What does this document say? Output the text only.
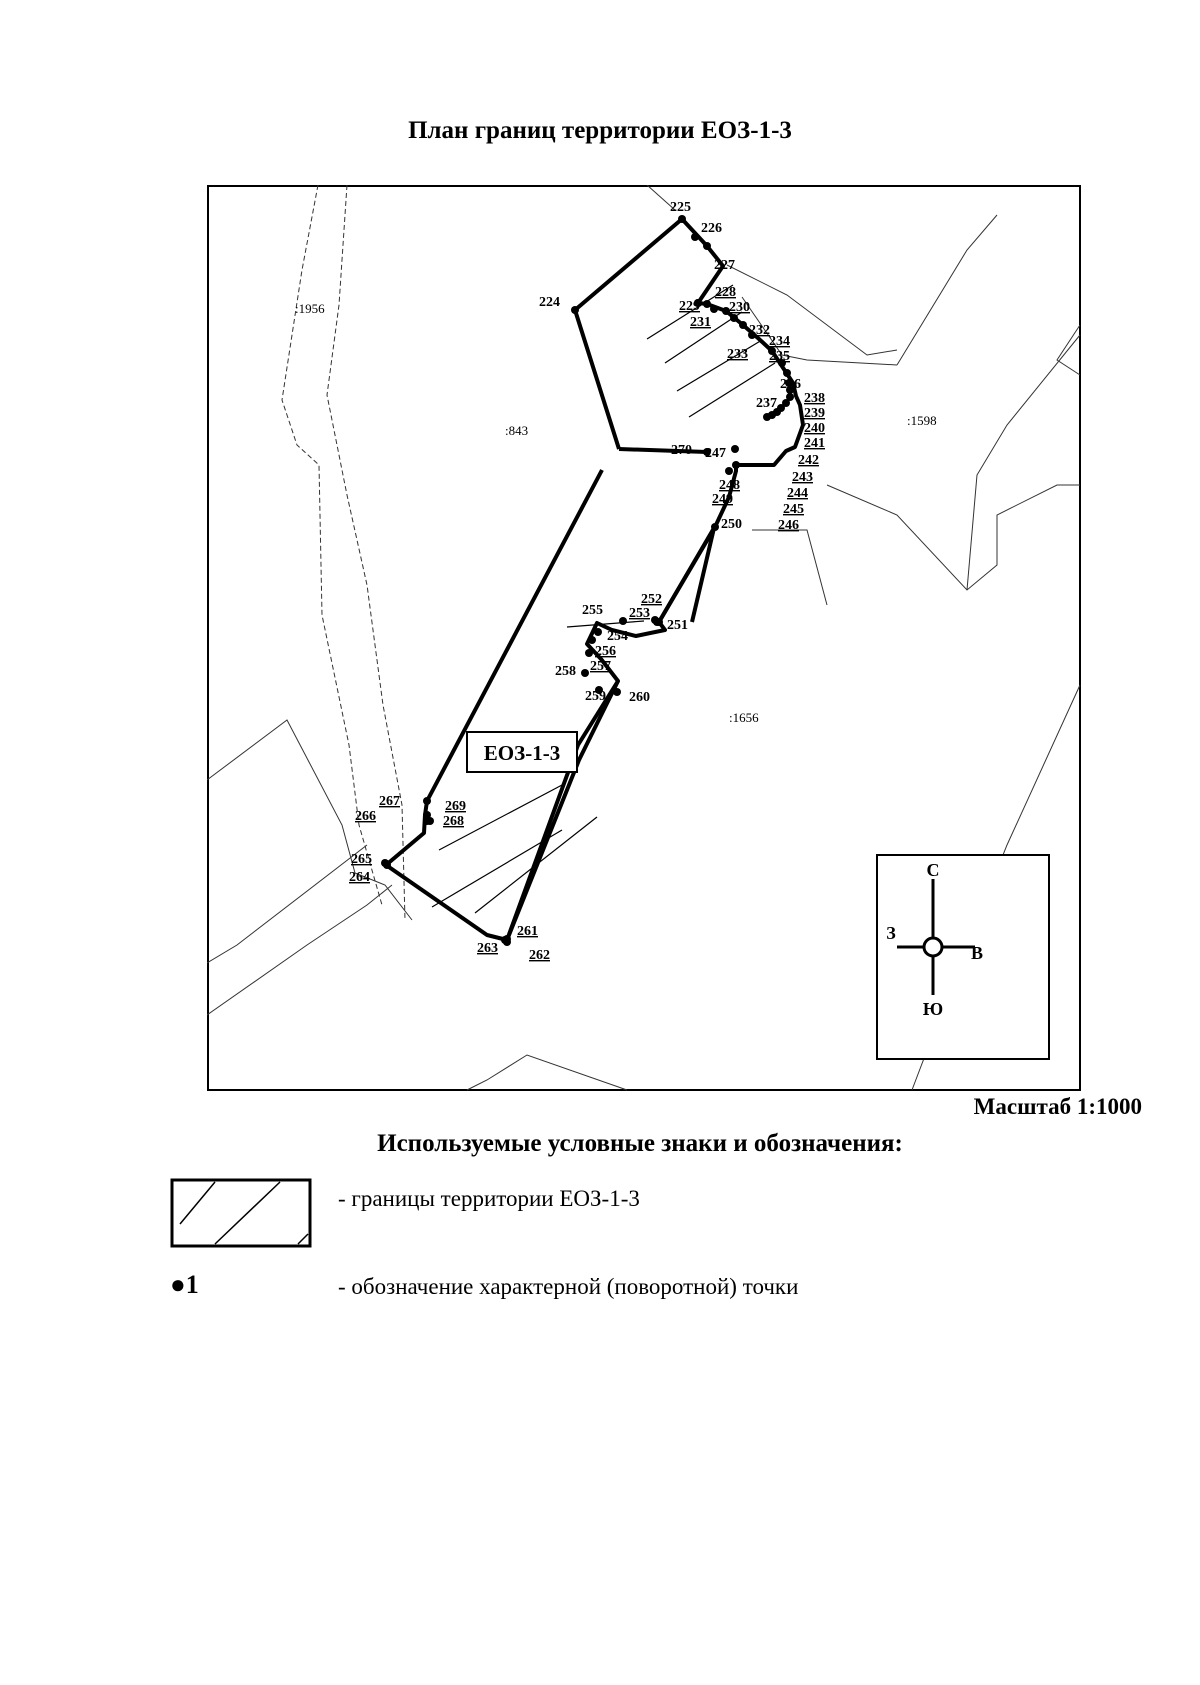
План границ территории ЕОЗ-1-3
224
225
226
227
228
229 230
231
232
233
234
235
236
237 238
239
240
241
242
243
244
245
246
247
248
249
250
251
252
253
254
255
256
257
258
259 260
261
262
263
264
265
266
267
268
269
270
:1956
:843
:1598
:1656
ЕОЗ-1-3
С
Ю
З
В
Масштаб 1:1000
Используемые условные знаки и обозначения:
- границы территории ЕОЗ-1-3
●1	- обозначение характерной (поворотной) точки
